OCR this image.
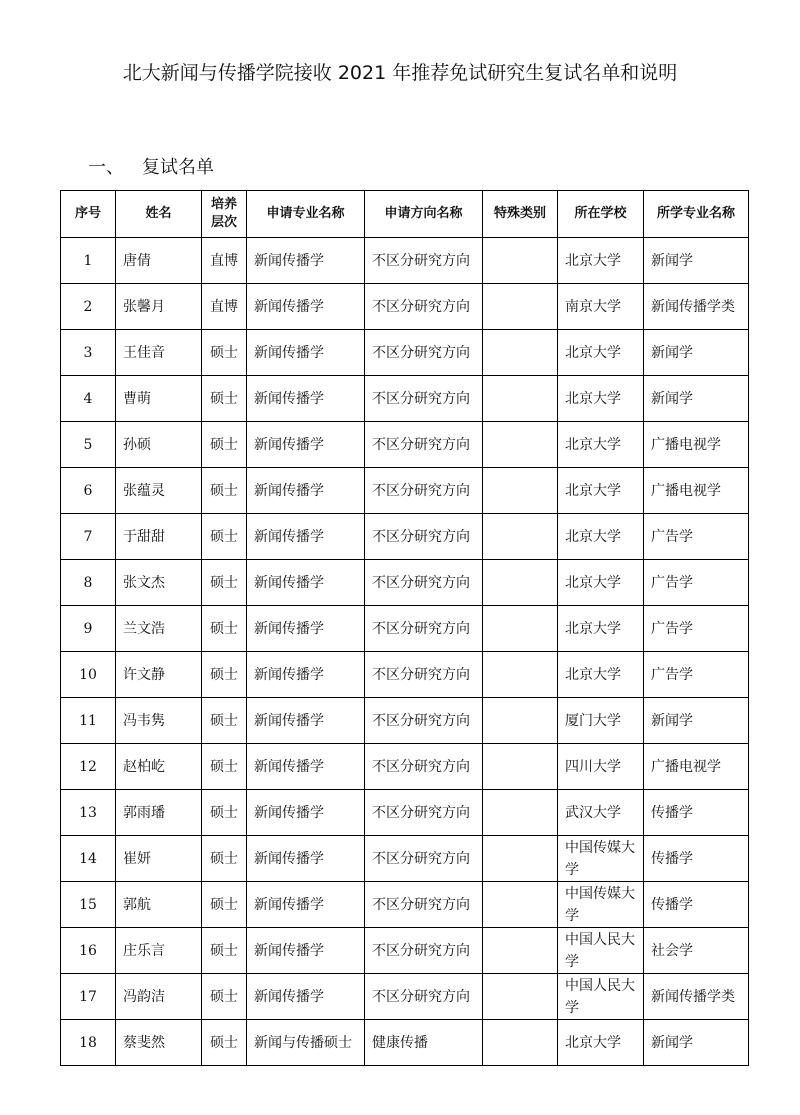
北大新闻与传播学院接收 2021 年推荐免试研究生复试名单和说明
一、 复试名单
序号	姓名	培养层次	申请专业名称	申请方向名称	特殊类别	所在学校	所学专业名称
1	唐倩	直博	新闻传播学	不区分研究方向		北京大学	新闻学
2	张馨月	直博	新闻传播学	不区分研究方向		南京大学	新闻传播学类
3	王佳音	硕士	新闻传播学	不区分研究方向		北京大学	新闻学
4	曹萌	硕士	新闻传播学	不区分研究方向		北京大学	新闻学
5	孙硕	硕士	新闻传播学	不区分研究方向		北京大学	广播电视学
6	张蕴灵	硕士	新闻传播学	不区分研究方向		北京大学	广播电视学
7	于甜甜	硕士	新闻传播学	不区分研究方向		北京大学	广告学
8	张文杰	硕士	新闻传播学	不区分研究方向		北京大学	广告学
9	兰文浩	硕士	新闻传播学	不区分研究方向		北京大学	广告学
10	许文静	硕士	新闻传播学	不区分研究方向		北京大学	广告学
11	冯韦隽	硕士	新闻传播学	不区分研究方向		厦门大学	新闻学
12	赵柏屹	硕士	新闻传播学	不区分研究方向		四川大学	广播电视学
13	郭雨璠	硕士	新闻传播学	不区分研究方向		武汉大学	传播学
14	崔妍	硕士	新闻传播学	不区分研究方向		中国传媒大学	传播学
15	郭航	硕士	新闻传播学	不区分研究方向		中国传媒大学	传播学
16	庄乐言	硕士	新闻传播学	不区分研究方向		中国人民大学	社会学
17	冯韵洁	硕士	新闻传播学	不区分研究方向		中国人民大学	新闻传播学类
18	蔡斐然	硕士	新闻与传播硕士	健康传播		北京大学	新闻学
